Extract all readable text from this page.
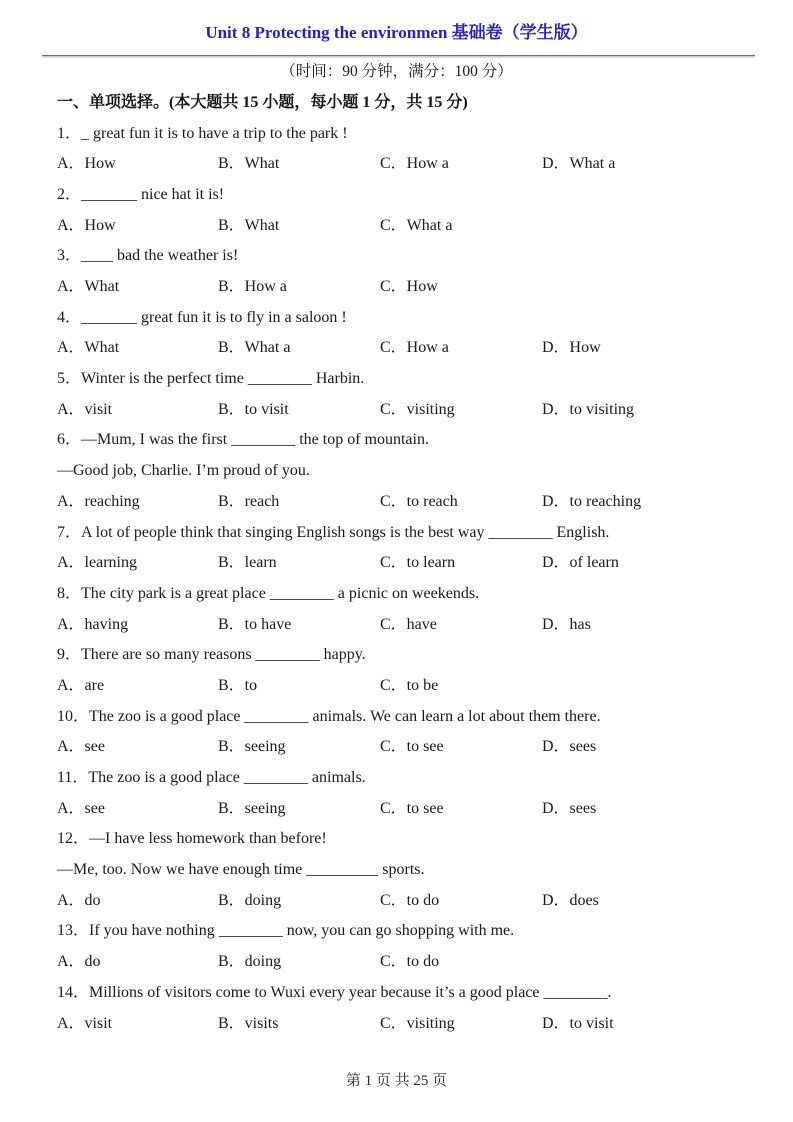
Unit 8 Protecting the environmen 基础卷（学生版）
（时间：90 分钟，满分：100 分）
一、单项选择。(本大题共 15 小题，每小题 1 分，共 15 分)

1．_ great fun it is to have a trip to the park !

A．How	B．What	C．How a	D．What a

2．_______ nice hat it is!

A．How	B．What	C．What a

3．____ bad the weather is!

A．What	B．How a	C．How

4．_______ great fun it is to fly in a saloon !

A．What	B．What a	C．How a	D．How

5．Winter is the perfect time ________ Harbin.

A．visit	B．to visit	C．visiting	D．to visiting

6．—Mum, I was the first ________ the top of mountain.

—Good job, Charlie. I’m proud of you.

A．reaching	B．reach	C．to reach	D．to reaching

7．A lot of people think that singing English songs is the best way ________ English.

A．learning	B．learn	C．to learn	D．of learn

8．The city park is a great place ________ a picnic on weekends.

A．having	B．to have	C．have	D．has

9．There are so many reasons ________ happy.

A．are	B．to	C．to be

10．The zoo is a good place ________ animals. We can learn a lot about them there.

A．see	B．seeing	C．to see	D．sees

11．The zoo is a good place ________ animals.

A．see	B．seeing	C．to see	D．sees

12．—I have less homework than before!

—Me, too. Now we have enough time _________ sports.

A．do	B．doing	C．to do	D．does

13．If you have nothing ________ now, you can go shopping with me.

A．do	B．doing	C．to do

14．Millions of visitors come to Wuxi every year because it’s a good place ________.

A．visit	B．visits	C．visiting	D．to visit

第 1 页 共 25 页
